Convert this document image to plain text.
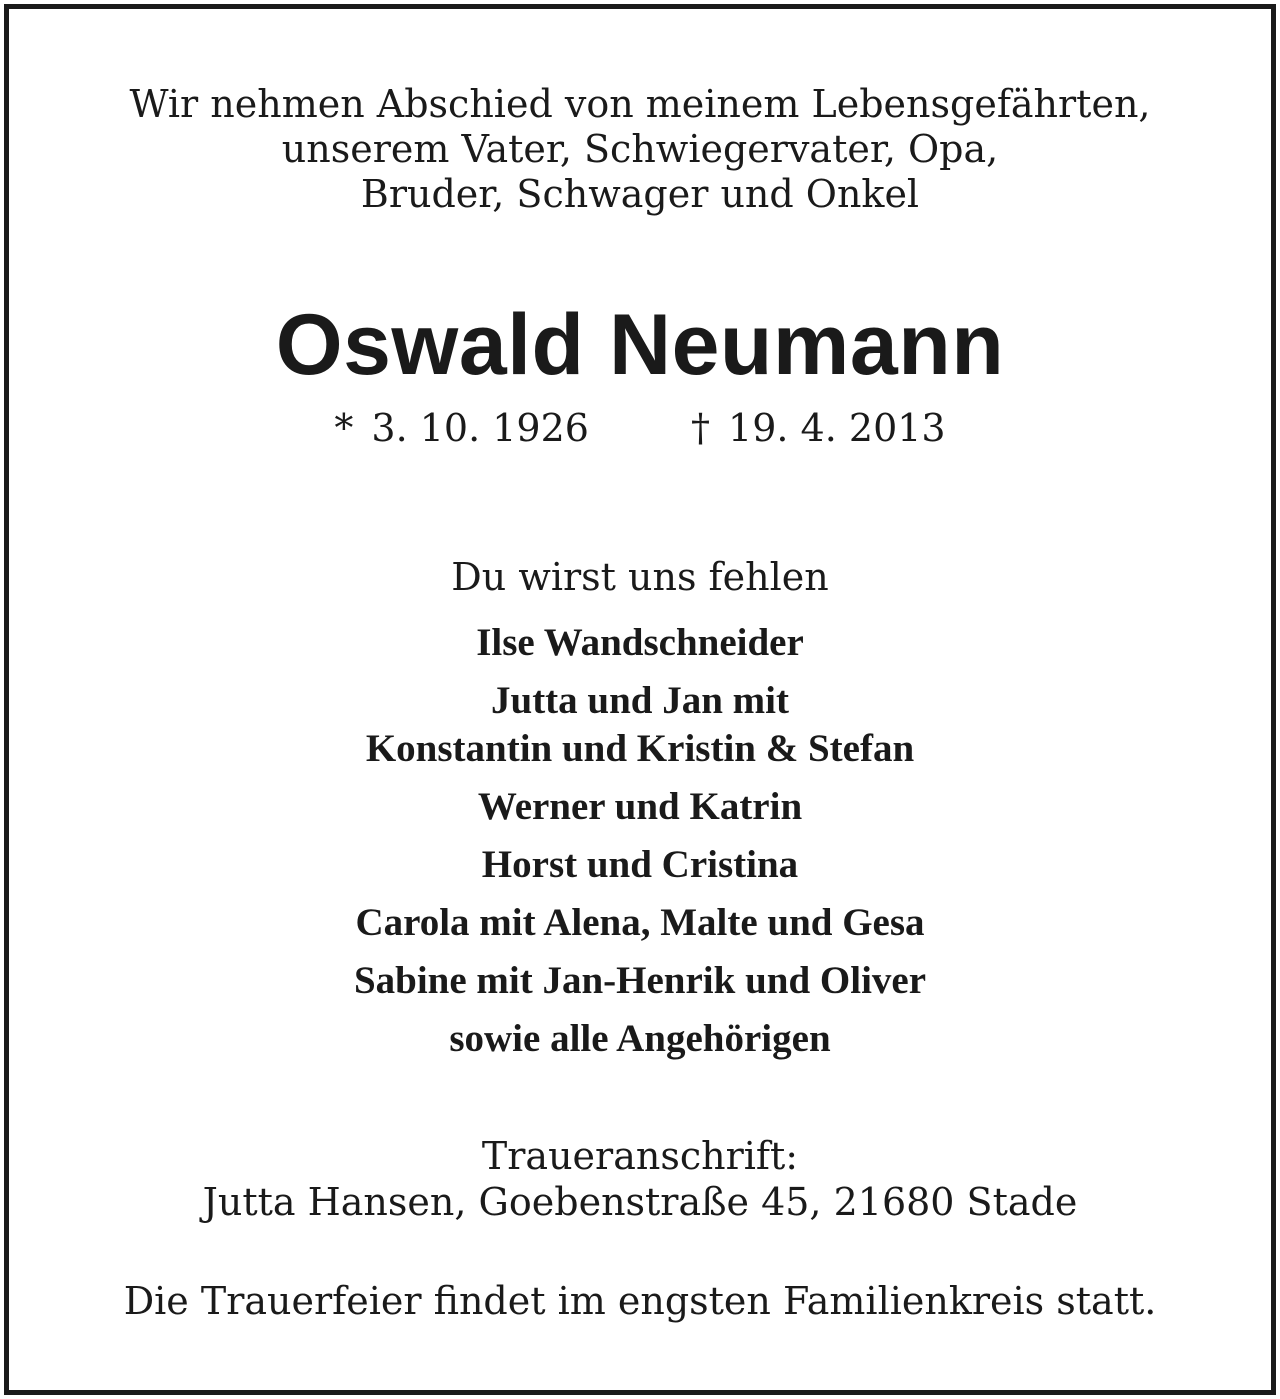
Wir nehmen Abschied von meinem Lebensgefährten,
unserem Vater, Schwiegervater, Opa,
Bruder, Schwager und Onkel
Oswald Neumann
* 3. 10. 1926	† 19. 4. 2013
Du wirst uns fehlen
Ilse Wandschneider
Jutta und Jan mit
Konstantin und Kristin & Stefan
Werner und Katrin
Horst und Cristina
Carola mit Alena, Malte und Gesa
Sabine mit Jan-Henrik und Oliver
sowie alle Angehörigen
Traueranschrift:
Jutta Hansen, Goebenstraße 45, 21680 Stade
Die Trauerfeier findet im engsten Familienkreis statt.
